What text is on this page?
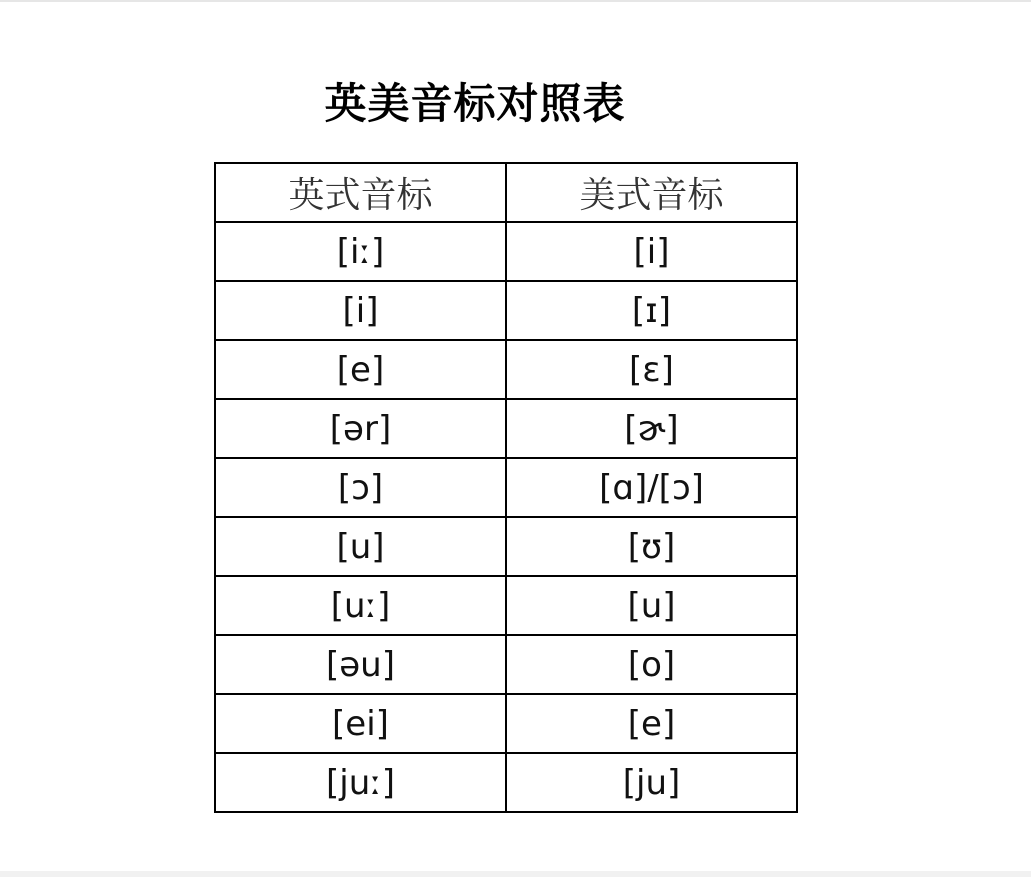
英美音标对照表
英式音标	美式音标
[iː]	[i]
[i]	[ɪ]
[e]	[ɛ]
[ər]	[ɚ]
[ɔ]	[ɑ]/[ɔ]
[u]	[ʊ]
[uː]	[u]
[əu]	[o]
[ei]	[e]
[juː]	[ju]
